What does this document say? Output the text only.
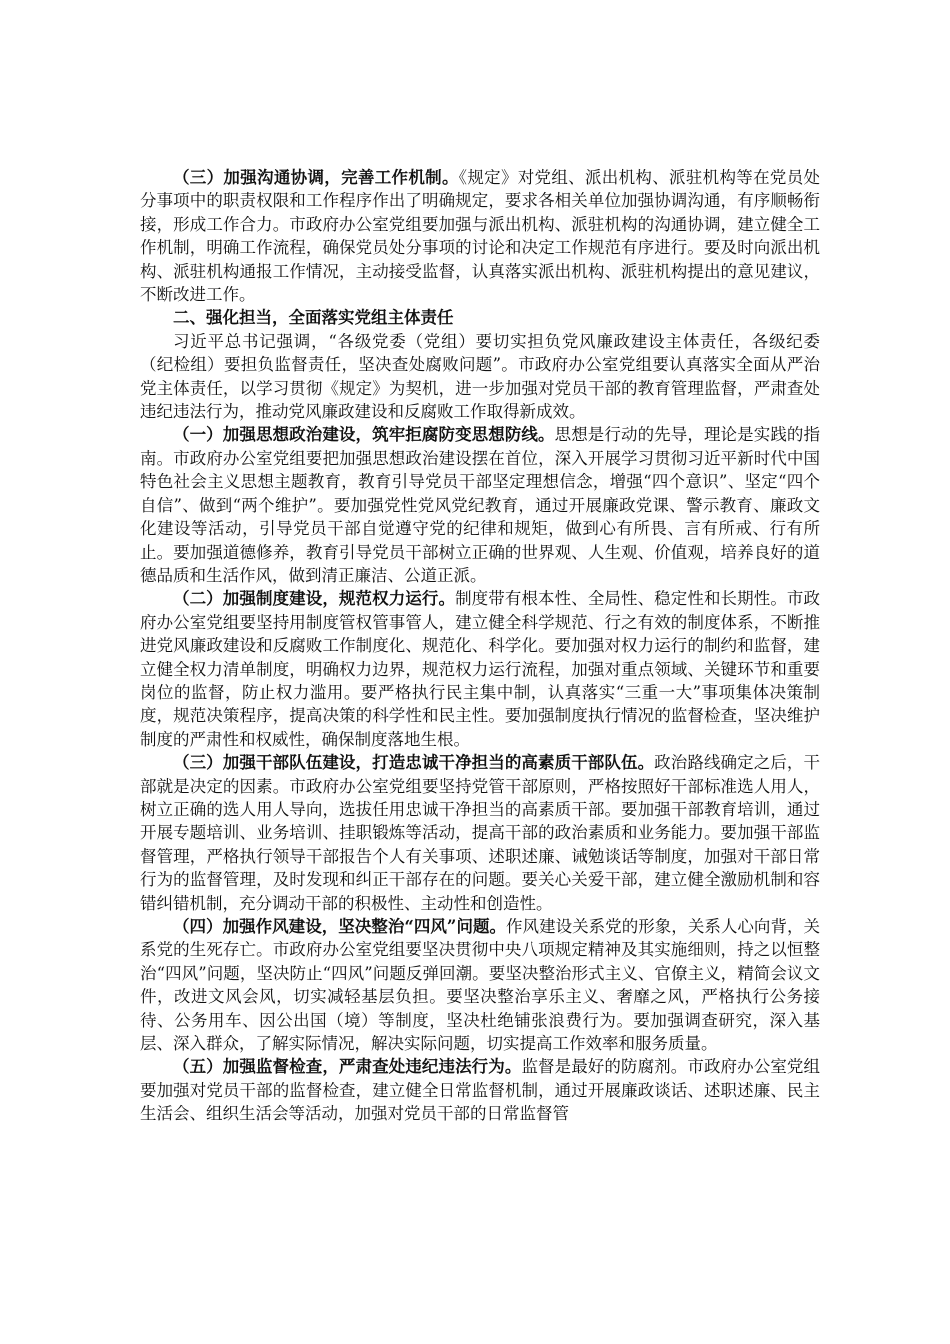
（三）加强沟通协调，完善工作机制。《规定》对党组、派出机构、派驻机构等在党员处分事项中的职责权限和工作程序作出了明确规定，要求各相关单位加强协调沟通，有序顺畅衔接，形成工作合力。市政府办公室党组要加强与派出机构、派驻机构的沟通协调，建立健全工作机制，明确工作流程，确保党员处分事项的讨论和决定工作规范有序进行。要及时向派出机构、派驻机构通报工作情况，主动接受监督，认真落实派出机构、派驻机构提出的意见建议，不断改进工作。

二、强化担当，全面落实党组主体责任

习近平总书记强调，“各级党委（党组）要切实担负党风廉政建设主体责任，各级纪委（纪检组）要担负监督责任，坚决查处腐败问题”。市政府办公室党组要认真落实全面从严治党主体责任，以学习贯彻《规定》为契机，进一步加强对党员干部的教育管理监督，严肃查处违纪违法行为，推动党风廉政建设和反腐败工作取得新成效。

（一）加强思想政治建设，筑牢拒腐防变思想防线。思想是行动的先导，理论是实践的指南。市政府办公室党组要把加强思想政治建设摆在首位，深入开展学习贯彻习近平新时代中国特色社会主义思想主题教育，教育引导党员干部坚定理想信念，增强“四个意识”、坚定“四个自信”、做到“两个维护”。要加强党性党风党纪教育，通过开展廉政党课、警示教育、廉政文化建设等活动，引导党员干部自觉遵守党的纪律和规矩，做到心有所畏、言有所戒、行有所止。要加强道德修养，教育引导党员干部树立正确的世界观、人生观、价值观，培养良好的道德品质和生活作风，做到清正廉洁、公道正派。

（二）加强制度建设，规范权力运行。制度带有根本性、全局性、稳定性和长期性。市政府办公室党组要坚持用制度管权管事管人，建立健全科学规范、行之有效的制度体系，不断推进党风廉政建设和反腐败工作制度化、规范化、科学化。要加强对权力运行的制约和监督，建立健全权力清单制度，明确权力边界，规范权力运行流程，加强对重点领域、关键环节和重要岗位的监督，防止权力滥用。要严格执行民主集中制，认真落实“三重一大”事项集体决策制度，规范决策程序，提高决策的科学性和民主性。要加强制度执行情况的监督检查，坚决维护制度的严肃性和权威性，确保制度落地生根。

（三）加强干部队伍建设，打造忠诚干净担当的高素质干部队伍。政治路线确定之后，干部就是决定的因素。市政府办公室党组要坚持党管干部原则，严格按照好干部标准选人用人，树立正确的选人用人导向，选拔任用忠诚干净担当的高素质干部。要加强干部教育培训，通过开展专题培训、业务培训、挂职锻炼等活动，提高干部的政治素质和业务能力。要加强干部监督管理，严格执行领导干部报告个人有关事项、述职述廉、诫勉谈话等制度，加强对干部日常行为的监督管理，及时发现和纠正干部存在的问题。要关心关爱干部，建立健全激励机制和容错纠错机制，充分调动干部的积极性、主动性和创造性。

（四）加强作风建设，坚决整治“四风”问题。作风建设关系党的形象，关系人心向背，关系党的生死存亡。市政府办公室党组要坚决贯彻中央八项规定精神及其实施细则，持之以恒整治“四风”问题，坚决防止“四风”问题反弹回潮。要坚决整治形式主义、官僚主义，精简会议文件，改进文风会风，切实减轻基层负担。要坚决整治享乐主义、奢靡之风，严格执行公务接待、公务用车、因公出国（境）等制度，坚决杜绝铺张浪费行为。要加强调查研究，深入基层、深入群众，了解实际情况，解决实际问题，切实提高工作效率和服务质量。

（五）加强监督检查，严肃查处违纪违法行为。监督是最好的防腐剂。市政府办公室党组要加强对党员干部的监督检查，建立健全日常监督机制，通过开展廉政谈话、述职述廉、民主生活会、组织生活会等活动，加强对党员干部的日常监督管
